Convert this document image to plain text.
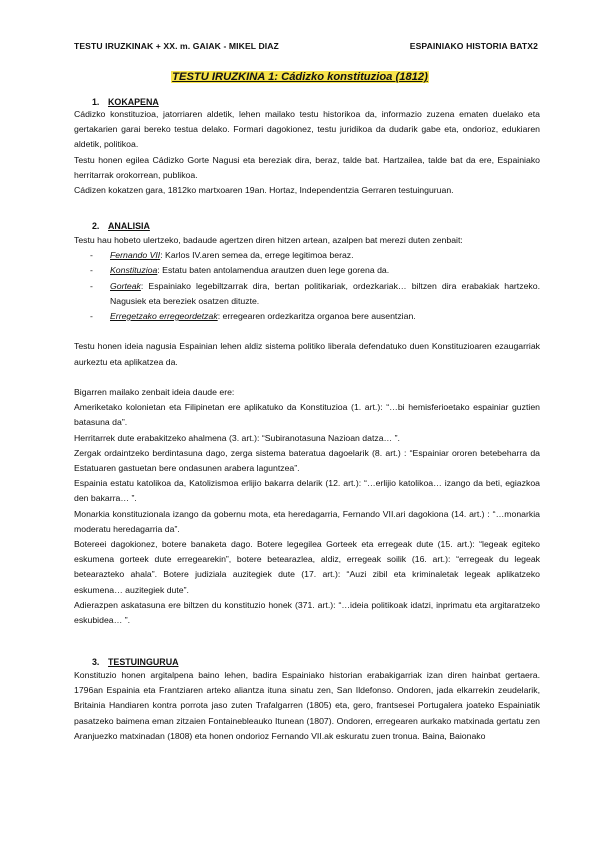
TESTU IRUZKINAK + XX. m. GAIAK - MIKEL DIAZ	ESPAINIAKO HISTORIA BATX2
TESTU IRUZKINA 1: Cádizko konstituzioa (1812)
1. KOKAPENA

Cádizko konstituzioa, jatorriaren aldetik, lehen mailako testu historikoa da, informazio zuzena ematen duelako eta gertakarien garai bereko testua delako. Formari dagokionez, testu juridikoa da dudarik gabe eta, ondorioz, edukiaren aldetik, politikoa.

Testu honen egilea Cádizko Gorte Nagusi eta bereziak dira, beraz, talde bat. Hartzailea, talde bat da ere, Espainiako herritarrak orokorrean, publikoa.

Cádizen kokatzen gara, 1812ko martxoaren 19an. Hortaz, Independentzia Gerraren testuinguruan.

2. ANALISIA

Testu hau hobeto ulertzeko, badaude agertzen diren hitzen artean, azalpen bat merezi duten zenbait:

- Fernando VII: Karlos IV.aren semea da, errege legitimoa beraz.
- Konstituzioa: Estatu baten antolamendua arautzen duen lege gorena da.
- Gorteak: Espainiako legebiltzarrak dira, bertan politikariak, ordezkariak… biltzen dira erabakiak hartzeko. Nagusiek eta bereziek osatzen dituzte.
- Erregetzako erregeordetzak: erregearen ordezkaritza organoa bere ausentzian.

Testu honen ideia nagusia Espainian lehen aldiz sistema politiko liberala defendatuko duen Konstituzioaren ezaugarriak aurkeztu eta aplikatzea da.

Bigarren mailako zenbait ideia daude ere:

Ameriketako kolonietan eta Filipinetan ere aplikatuko da Konstituzioa (1. art.): “…bi hemisferioetako espainiar guztien batasuna da”.

Herritarrek dute erabakitzeko ahalmena (3. art.): “Subiranotasuna Nazioan datza… ”.

Zergak ordaintzeko berdintasuna dago, zerga sistema bateratua dagoelarik (8. art.) : “Espainiar ororen betebeharra da Estatuaren gastuetan bere ondasunen arabera laguntzea”.

Espainia estatu katolikoa da, Katolizismoa erlijio bakarra delarik (12. art.): “…erlijio katolikoa… izango da beti, egiazkoa den bakarra… ”.

Monarkia konstituzionala izango da gobernu mota, eta heredagarria, Fernando VII.ari dagokiona (14. art.) : “…monarkia moderatu heredagarria da”.

Botereei dagokionez, botere banaketa dago. Botere legegilea Gorteek eta erregeak dute (15. art.): “legeak egiteko eskumena gorteek dute erregearekin”, botere betearazlea, aldiz, erregeak soilik (16. art.): “erregeak du legeak betearazteko ahala”. Botere judiziala auzitegiek dute (17. art.): “Auzi zibil eta kriminaletak legeak aplikatzeko eskumena… auzitegiek dute”.

Adierazpen askatasuna ere biltzen du konstituzio honek (371. art.): “…ideia politikoak idatzi, inprimatu eta argitaratzeko eskubidea… ”.

3. TESTUINGURUA

Konstituzio honen argitalpena baino lehen, badira Espainiako historian erabakigarriak izan diren hainbat gertaera. 1796an Espainia eta Frantziaren arteko aliantza ituna sinatu zen, San Ildefonso. Ondoren, jada elkarrekin zeudelarik, Britainia Handiaren kontra porrota jaso zuten Trafalgarren (1805) eta, gero, frantsesei Portugalera joateko Espainiatik pasatzeko baimena eman zitzaien Fontainebleauko Itunean (1807). Ondoren, erregearen aurkako matxinada gertatu zen Aranjuezko matxinadan (1808) eta honen ondorioz Fernando VII.ak eskuratu zuen tronua. Baina, Baionako
